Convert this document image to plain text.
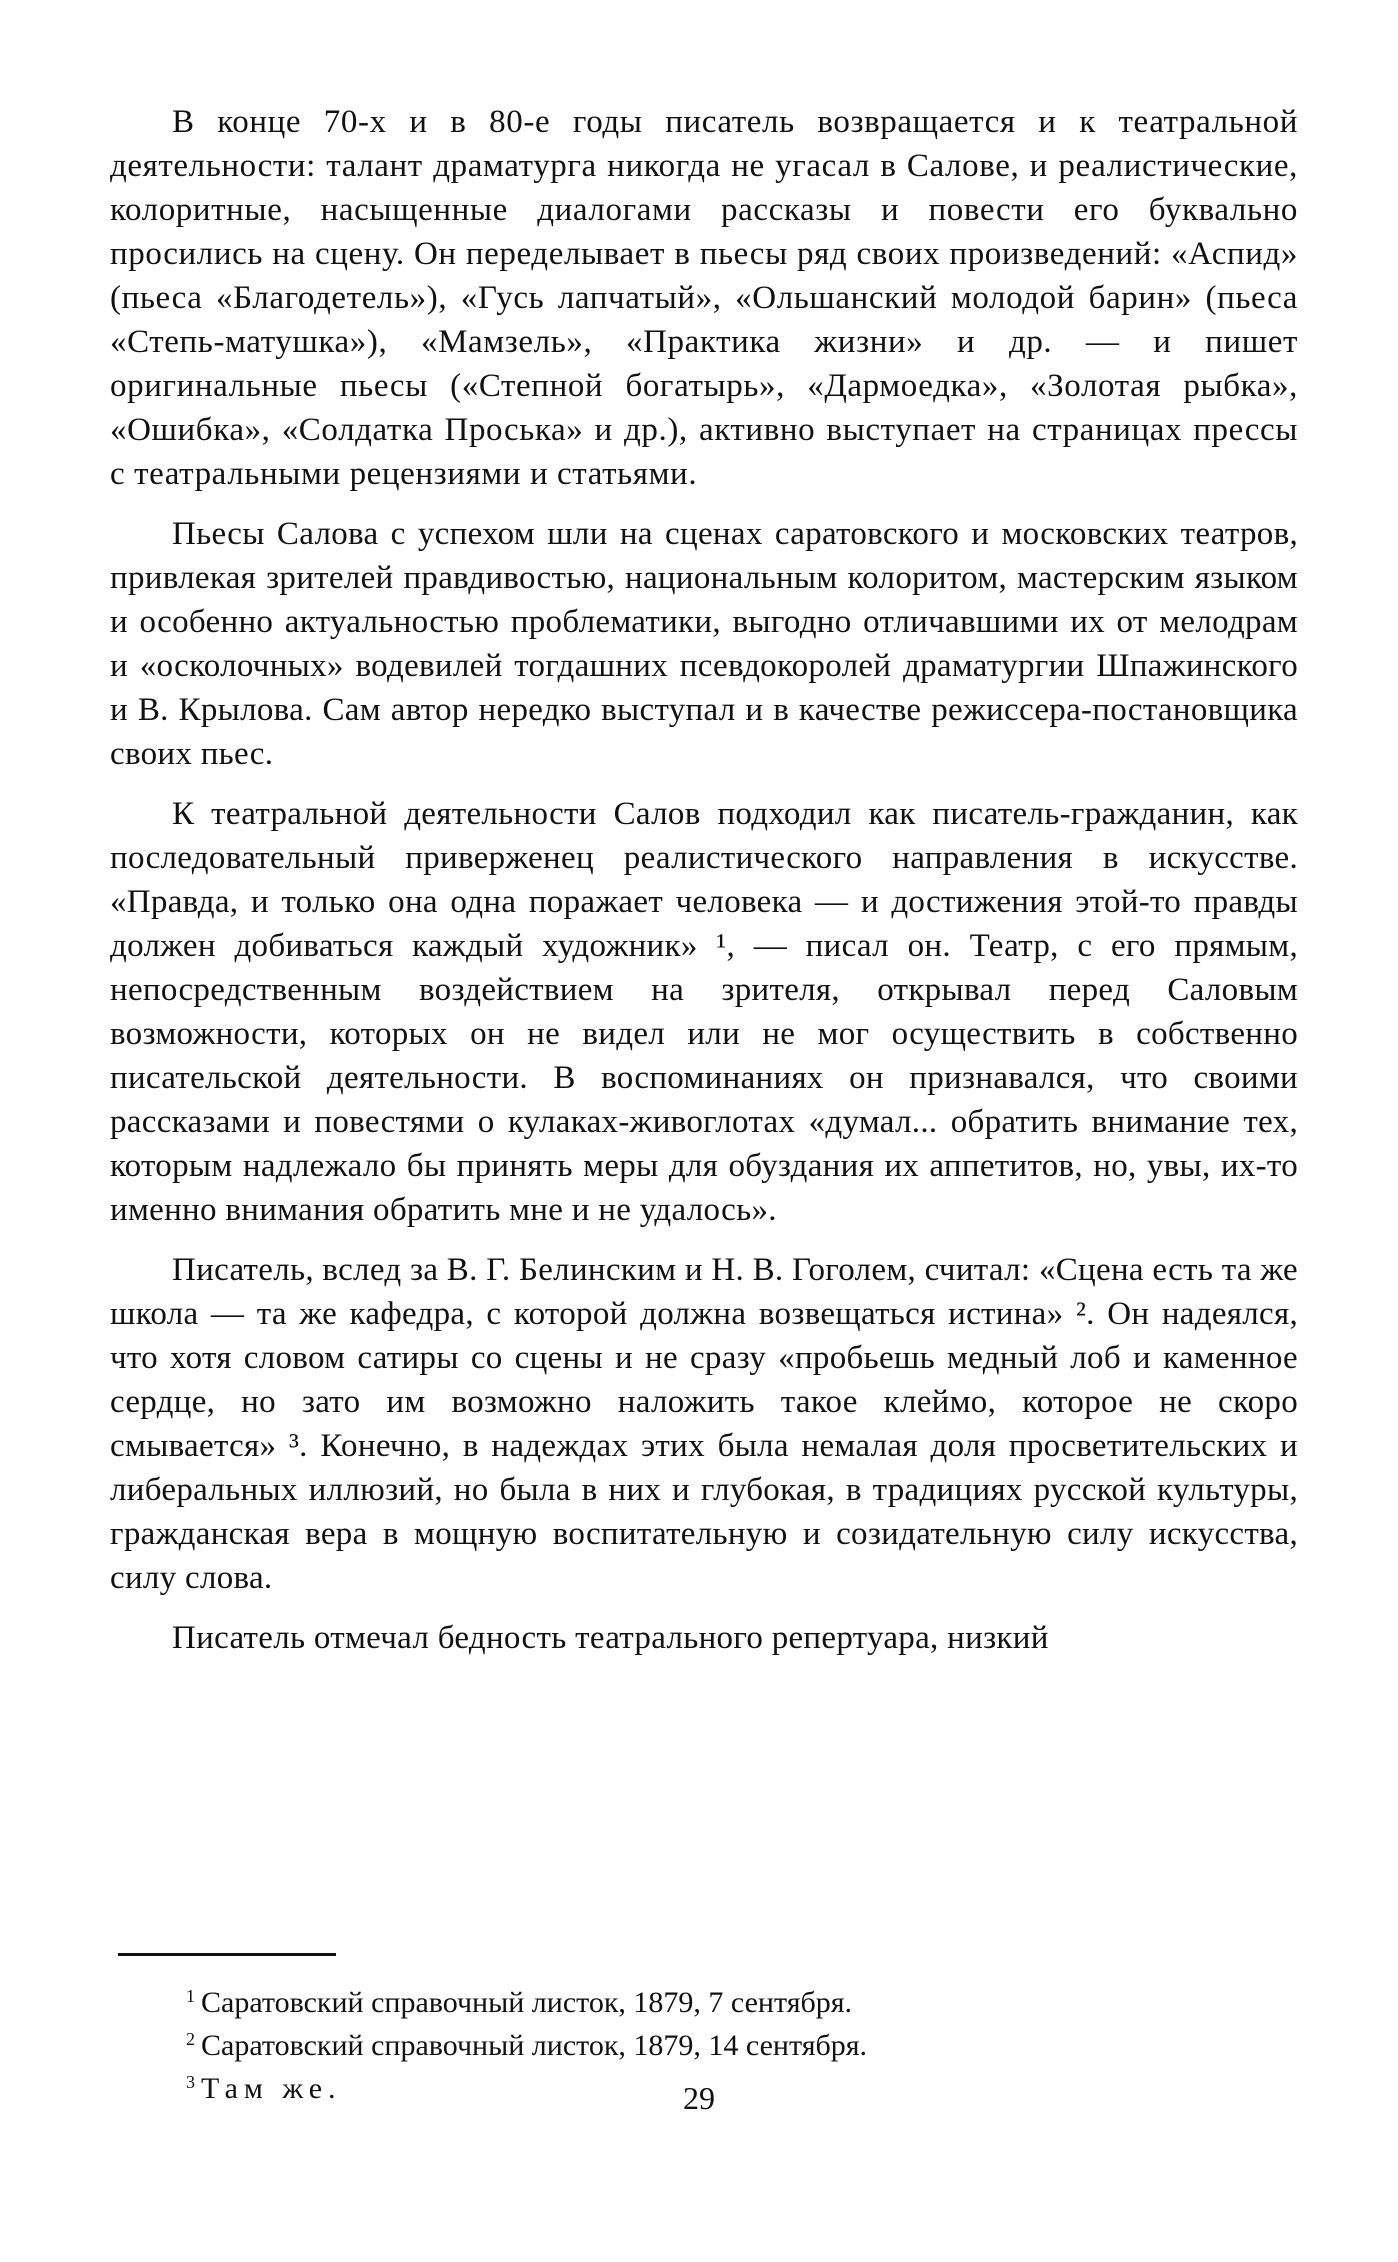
В конце 70-х и в 80-е годы писатель возвращается и к театральной деятельности: талант драматурга никогда не угасал в Салове, и реалистические, колоритные, насыщенные диалогами рассказы и повести его буквально просились на сцену. Он переделывает в пьесы ряд своих произведений: «Аспид» (пьеса «Благодетель»), «Гусь лапчатый», «Ольшанский молодой барин» (пьеса «Степь-матушка»), «Мамзель», «Практика жизни» и др. — и пишет оригинальные пьесы («Степной богатырь», «Дармоедка», «Золотая рыбка», «Ошибка», «Солдатка Проська» и др.), активно выступает на страницах прессы с театральными рецензиями и статьями.

Пьесы Салова с успехом шли на сценах саратовского и московских театров, привлекая зрителей правдивостью, национальным колоритом, мастерским языком и особенно актуальностью проблематики, выгодно отличавшими их от мелодрам и «осколочных» водевилей тогдашних псевдокоролей драматургии Шпажинского и В. Крылова. Сам автор нередко выступал и в качестве режиссера-постановщика своих пьес.

К театральной деятельности Салов подходил как писатель-гражданин, как последовательный приверженец реалистического направления в искусстве. «Правда, и только она одна поражает человека — и достижения этой-то правды должен добиваться каждый художник» ¹, — писал он. Театр, с его прямым, непосредственным воздействием на зрителя, открывал перед Саловым возможности, которых он не видел или не мог осуществить в собственно писательской деятельности. В воспоминаниях он признавался, что своими рассказами и повестями о кулаках-живоглотах «думал... обратить внимание тех, которым надлежало бы принять меры для обуздания их аппетитов, но, увы, их-то именно внимания обратить мне и не удалось».

Писатель, вслед за В. Г. Белинским и Н. В. Гоголем, считал: «Сцена есть та же школа — та же кафедра, с которой должна возвещаться истина» ². Он надеялся, что хотя словом сатиры со сцены и не сразу «пробьешь медный лоб и каменное сердце, но зато им возможно наложить такое клеймо, которое не скоро смывается» ³. Конечно, в надеждах этих была немалая доля просветительских и либеральных иллюзий, но была в них и глубокая, в традициях русской культуры, гражданская вера в мощную воспитательную и созидательную силу искусства, силу слова.

Писатель отмечал бедность театрального репертуара, низкий

$^1$ Саратовский справочный листок, 1879, 7 сентября.

$^2$ Саратовский справочный листок, 1879, 14 сентября.

$^3$ Там же.	29
